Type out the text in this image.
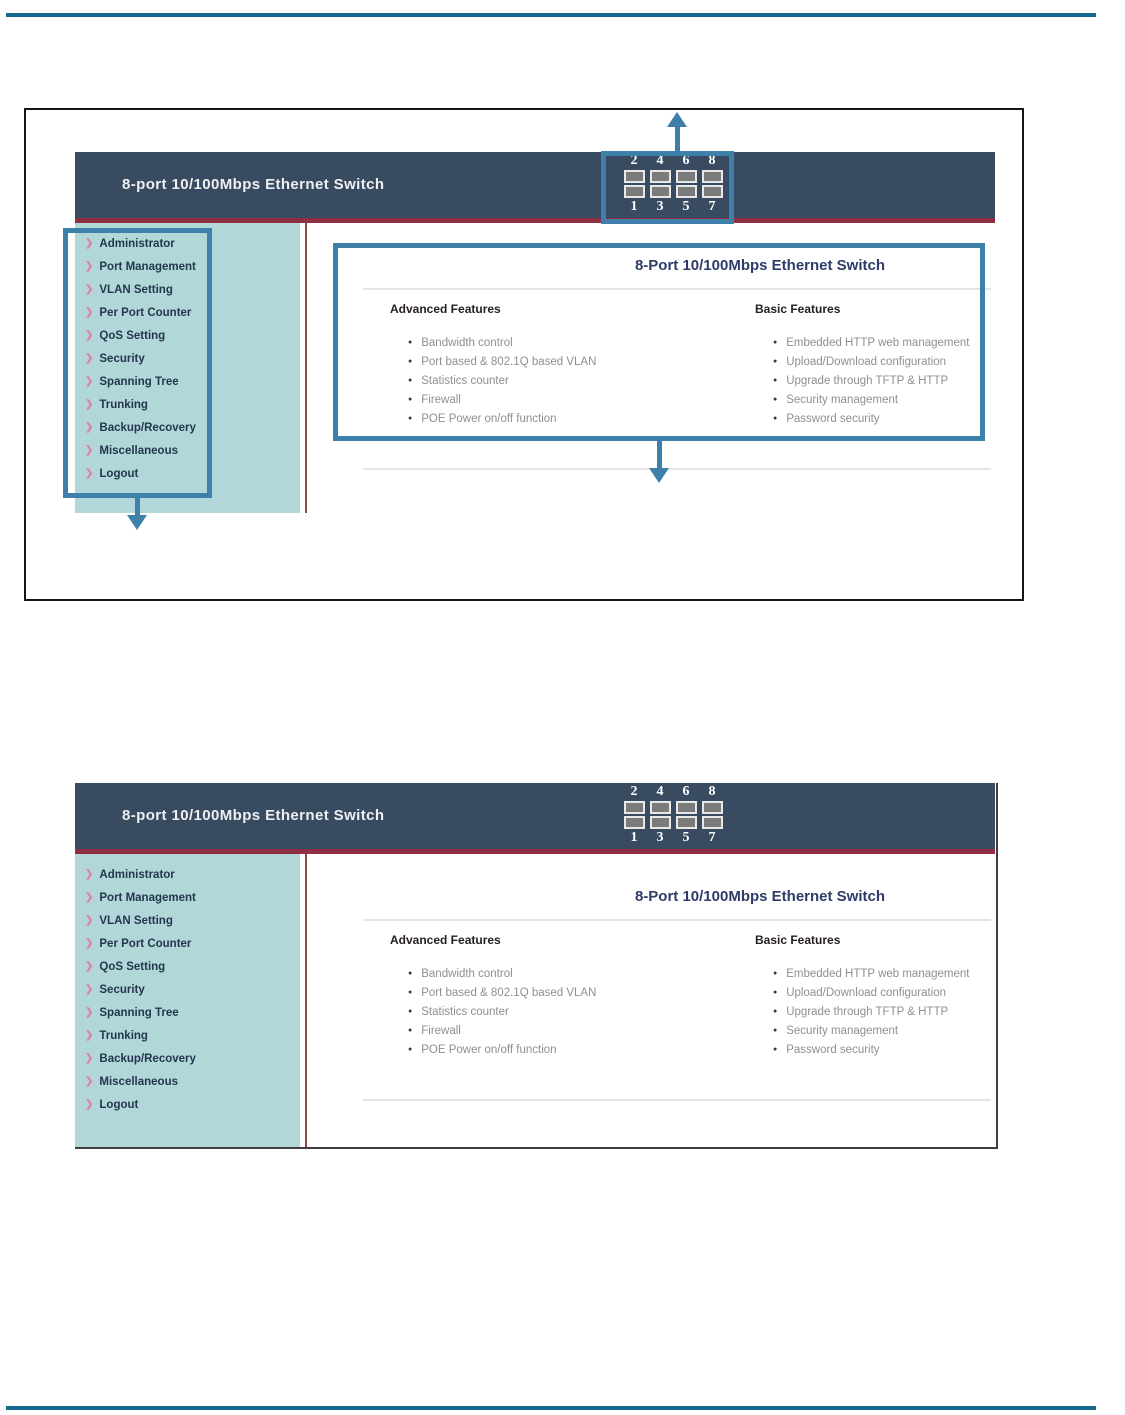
8-port 10/100Mbps Ethernet Switch
2	4	6	8
1	3	5	7
❯ Administrator
❯ Port Management
❯ VLAN Setting
❯ Per Port Counter
❯ QoS Setting
❯ Security
❯ Spanning Tree
❯ Trunking
❯ Backup/Recovery
❯ Miscellaneous
❯ Logout
8-Port 10/100Mbps Ethernet Switch
Advanced Features	Basic Features
● Bandwidth control
● Port based & 802.1Q based VLAN
● Statistics counter
● Firewall
● POE Power on/off function
● Embedded HTTP web management
● Upload/Download configuration
● Upgrade through TFTP & HTTP
● Security management
● Password security
8-port 10/100Mbps Ethernet Switch
2	4	6	8
1	3	5	7
❯ Administrator
❯ Port Management
❯ VLAN Setting
❯ Per Port Counter
❯ QoS Setting
❯ Security
❯ Spanning Tree
❯ Trunking
❯ Backup/Recovery
❯ Miscellaneous
❯ Logout
8-Port 10/100Mbps Ethernet Switch
Advanced Features	Basic Features
● Bandwidth control
● Port based & 802.1Q based VLAN
● Statistics counter
● Firewall
● POE Power on/off function
● Embedded HTTP web management
● Upload/Download configuration
● Upgrade through TFTP & HTTP
● Security management
● Password security
